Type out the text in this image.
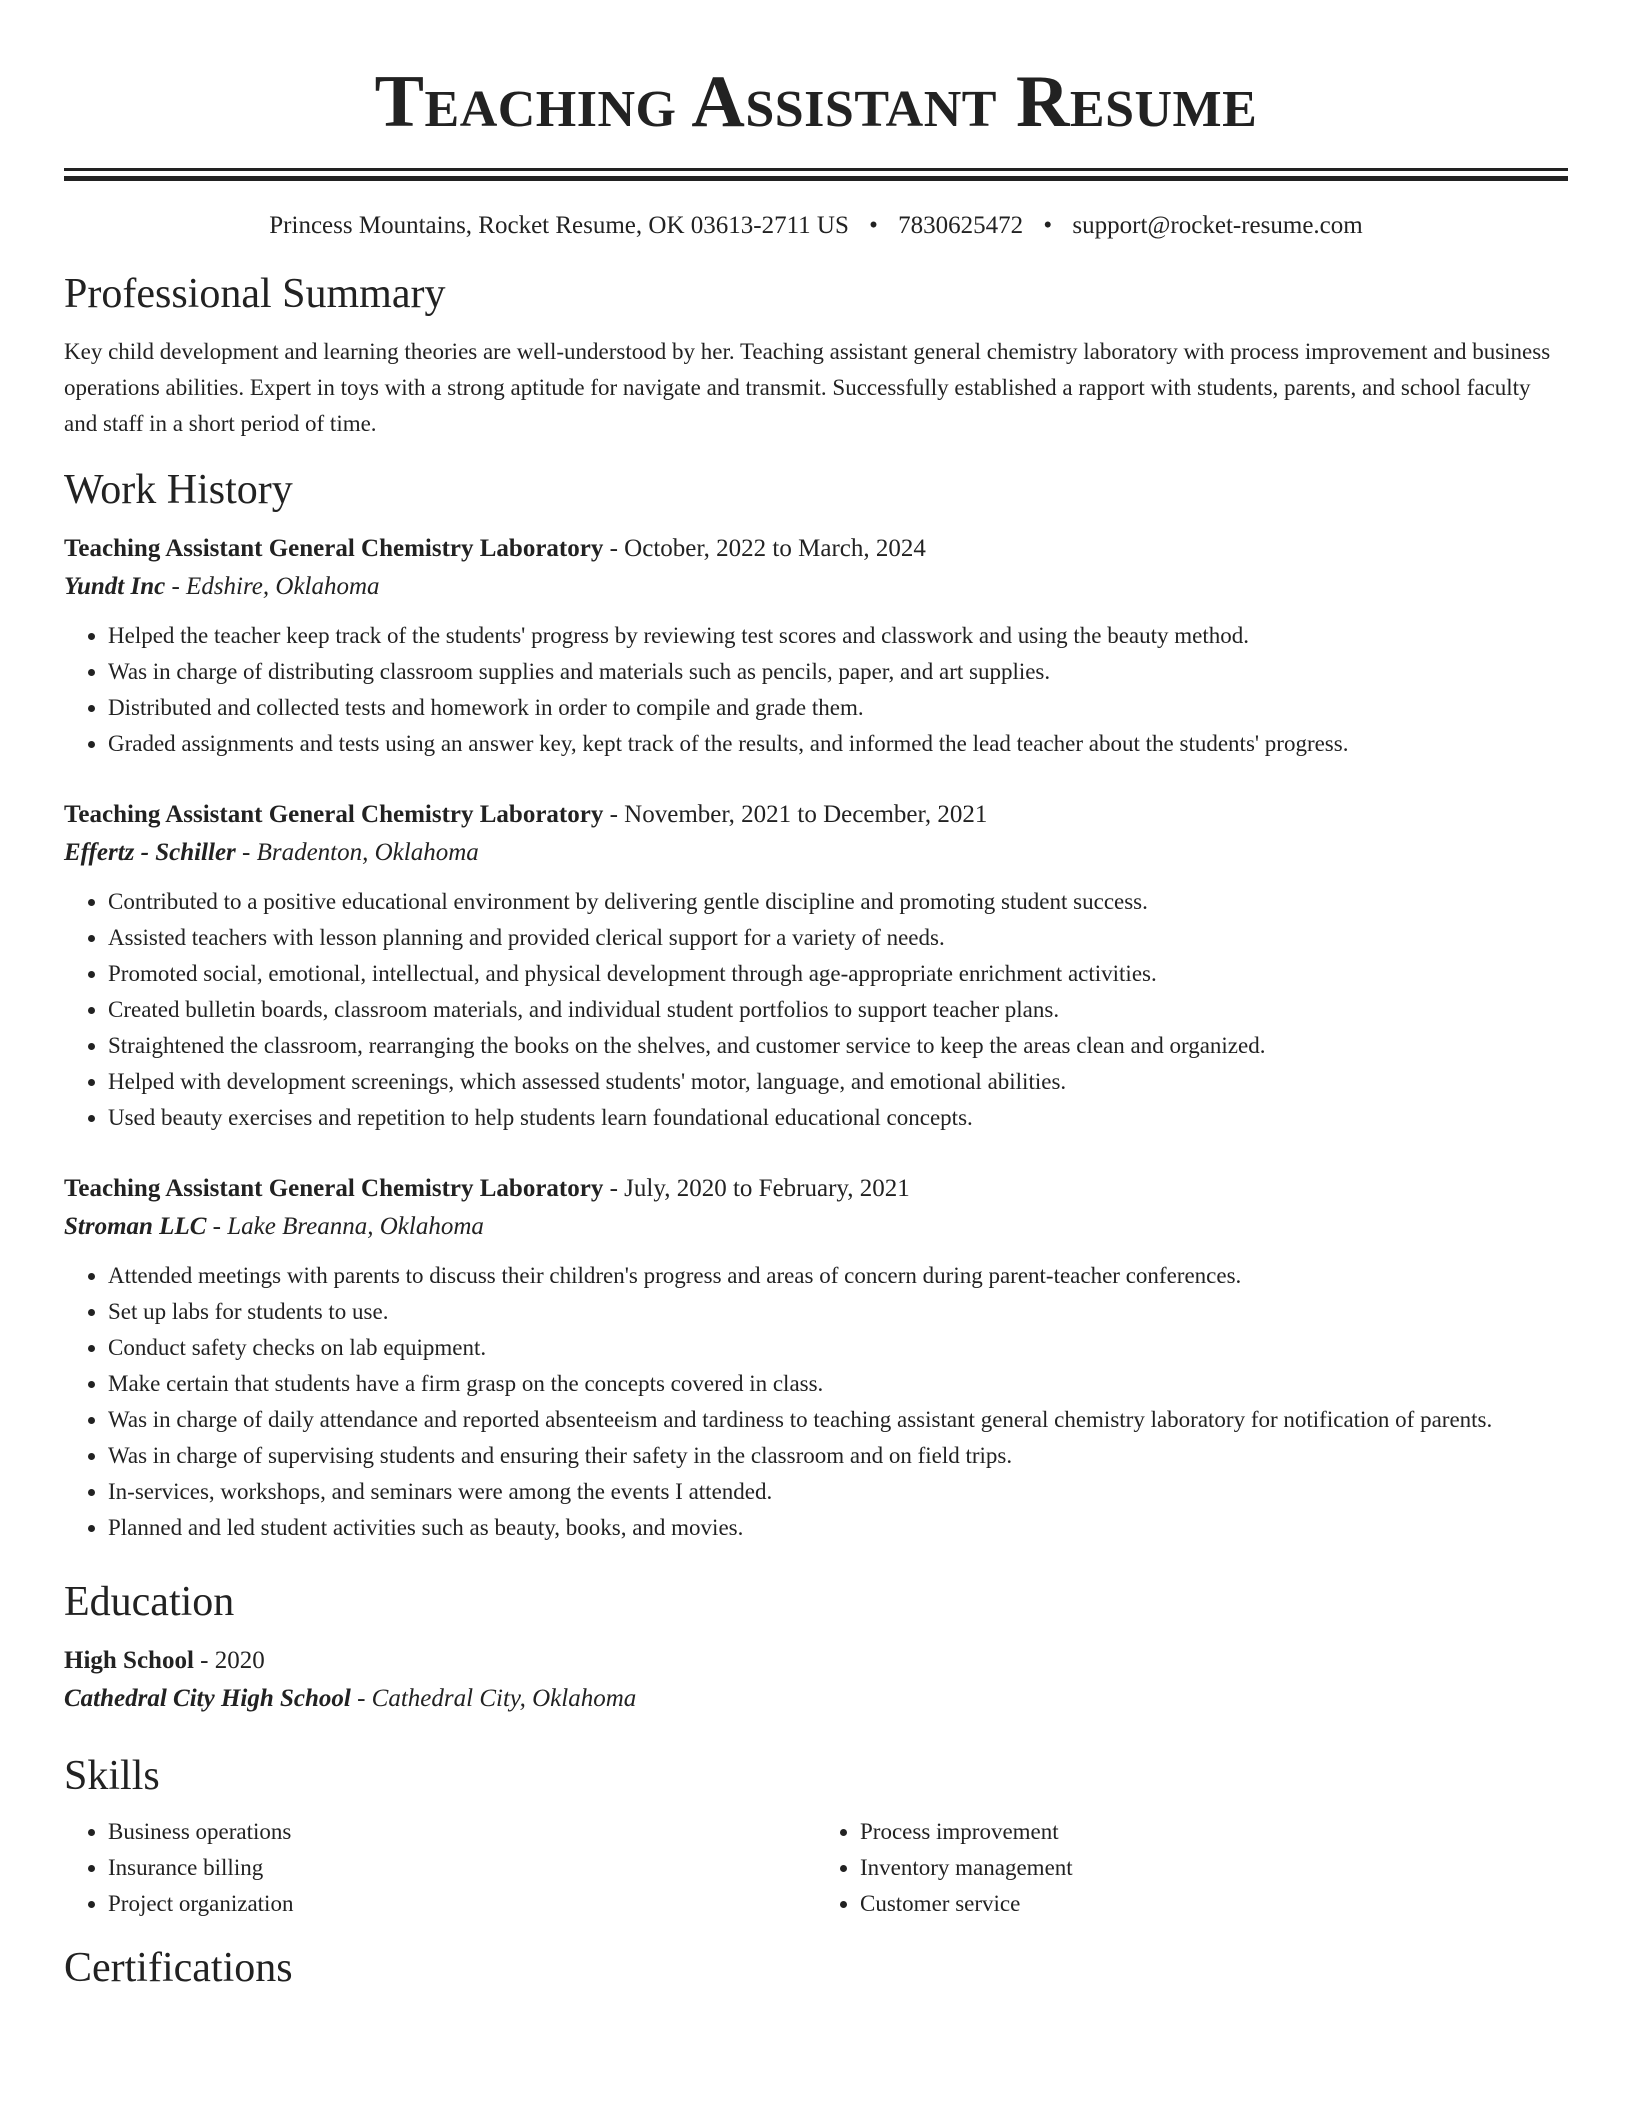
Teaching Assistant Resume
Princess Mountains, Rocket Resume, OK 03613-2711 US • 7830625472 • support@rocket-resume.com
Professional Summary

Key child development and learning theories are well-understood by her. Teaching assistant general chemistry laboratory with process improvement and business operations abilities. Expert in toys with a strong aptitude for navigate and transmit. Successfully established a rapport with students, parents, and school faculty and staff in a short period of time.

Work History
Teaching Assistant General Chemistry Laboratory - October, 2022 to March, 2024
Yundt Inc - Edshire, Oklahoma
• Helped the teacher keep track of the students' progress by reviewing test scores and classwork and using the beauty method.
• Was in charge of distributing classroom supplies and materials such as pencils, paper, and art supplies.
• Distributed and collected tests and homework in order to compile and grade them.
• Graded assignments and tests using an answer key, kept track of the results, and informed the lead teacher about the students' progress.
Teaching Assistant General Chemistry Laboratory - November, 2021 to December, 2021
Effertz - Schiller - Bradenton, Oklahoma
• Contributed to a positive educational environment by delivering gentle discipline and promoting student success.
• Assisted teachers with lesson planning and provided clerical support for a variety of needs.
• Promoted social, emotional, intellectual, and physical development through age-appropriate enrichment activities.
• Created bulletin boards, classroom materials, and individual student portfolios to support teacher plans.
• Straightened the classroom, rearranging the books on the shelves, and customer service to keep the areas clean and organized.
• Helped with development screenings, which assessed students' motor, language, and emotional abilities.
• Used beauty exercises and repetition to help students learn foundational educational concepts.
Teaching Assistant General Chemistry Laboratory - July, 2020 to February, 2021
Stroman LLC - Lake Breanna, Oklahoma
• Attended meetings with parents to discuss their children's progress and areas of concern during parent-teacher conferences.
• Set up labs for students to use.
• Conduct safety checks on lab equipment.
• Make certain that students have a firm grasp on the concepts covered in class.
• Was in charge of daily attendance and reported absenteeism and tardiness to teaching assistant general chemistry laboratory for notification of parents.
• Was in charge of supervising students and ensuring their safety in the classroom and on field trips.
• In-services, workshops, and seminars were among the events I attended.
• Planned and led student activities such as beauty, books, and movies.
Education
High School - 2020
Cathedral City High School - Cathedral City, Oklahoma
Skills
• Business operations
• Insurance billing
• Project organization
• Process improvement
• Inventory management
• Customer service
Certifications
